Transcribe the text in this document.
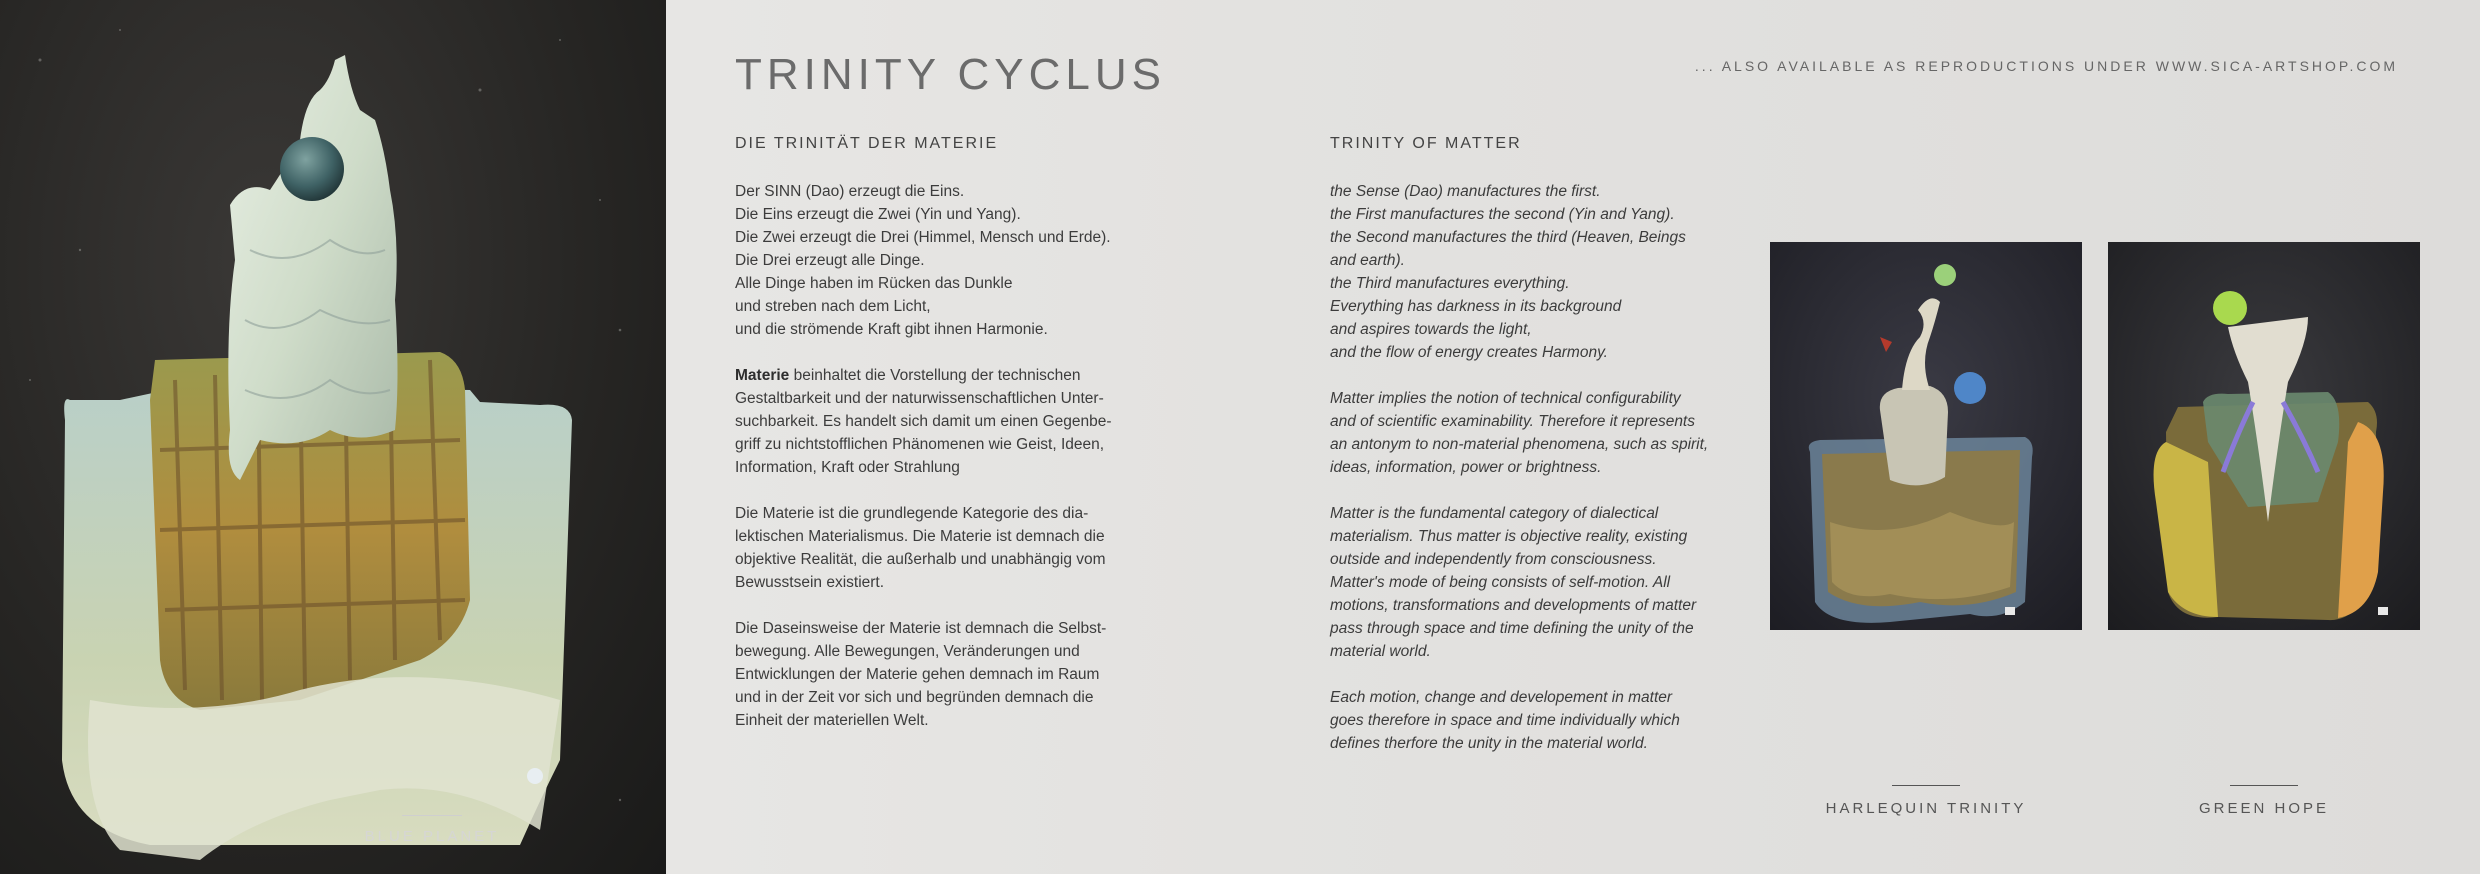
BLUE PLANET
TRINITY CYCLUS	... ALSO AVAILABLE AS REPRODUCTIONS UNDER WWW.SICA-ARTSHOP.COM
DIE TRINITÄT DER MATERIE

Der SINN (Dao) erzeugt die Eins.
Die Eins erzeugt die Zwei (Yin und Yang).
Die Zwei erzeugt die Drei (Himmel, Mensch und Erde).
Die Drei erzeugt alle Dinge.
Alle Dinge haben im Rücken das Dunkle
und streben nach dem Licht,
und die strömende Kraft gibt ihnen Harmonie.

Materie beinhaltet die Vorstellung der technischen
Gestaltbarkeit und der naturwissenschaftlichen Unter-
suchbarkeit. Es handelt sich damit um einen Gegenbe-
griff zu nichtstofflichen Phänomenen wie Geist, Ideen,
Information, Kraft oder Strahlung

Die Materie ist die grundlegende Kategorie des dia-
lektischen Materialismus. Die Materie ist demnach die
objektive Realität, die außerhalb und unabhängig vom
Bewusstsein existiert.

Die Daseinsweise der Materie ist demnach die Selbst-
bewegung. Alle Bewegungen, Veränderungen und
Entwicklungen der Materie gehen demnach im Raum
und in der Zeit vor sich und begründen demnach die
Einheit der materiellen Welt.

TRINITY OF MATTER

the Sense (Dao) manufactures the first.
the First manufactures the second (Yin and Yang).
the Second manufactures the third (Heaven, Beings
and earth).
the Third manufactures everything.
Everything has darkness in its background
and aspires towards the light,
and the flow of energy creates Harmony.

Matter implies the notion of technical configurability
and of scientific examinability. Therefore it represents
an antonym to non-material phenomena, such as spirit,
ideas, information, power or brightness.

Matter is the fundamental category of dialectical
materialism. Thus matter is objective reality, existing
outside and independently from consciousness.
Matter's mode of being consists of self-motion. All
motions, transformations and developments of matter
pass through space and time defining the unity of the
material world.

Each motion, change and developement in matter
goes therefore in space and time individually which
defines therfore the unity in the material world.

HARLEQUIN TRINITY	GREEN HOPE
